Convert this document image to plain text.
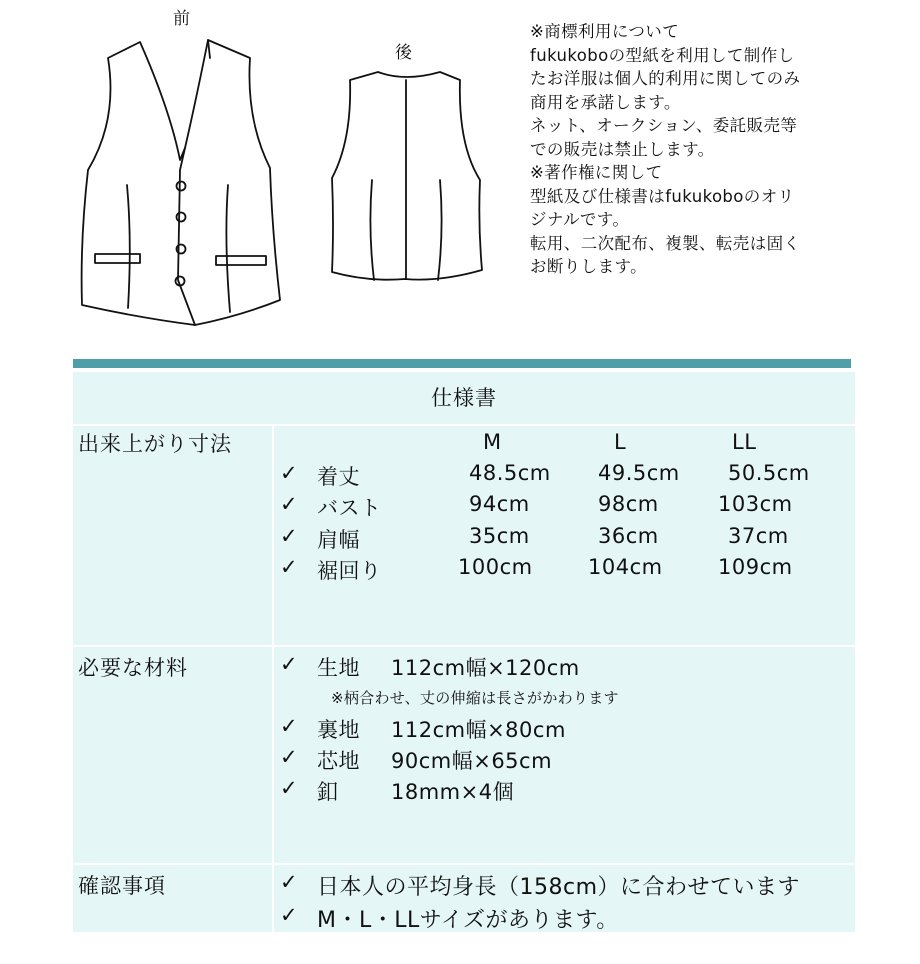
前
後
※商標利用について
fukukoboの型紙を利用して制作し
たお洋服は個人的利用に関してのみ
商用を承諾します。
ネット、オークション、委託販売等
での販売は禁止します。
※著作権に関して
型紙及び仕様書はfukukoboのオリ
ジナルです。
転用、二次配布、複製、転売は固く
お断りします。
仕様書
出来上がり寸法	M	L	LL
✓ 着丈	48.5cm 49.5cm 50.5cm
✓ バスト	94cm	98cm	103cm
✓ 肩幅	35cm	36cm	37cm
✓ 裾回り	100cm	104cm	109cm
必要な材料	✓ 生地 112cm幅×120cm
※柄合わせ、丈の伸縮は長さがかわります
✓ 裏地 112cm幅×80cm
✓ 芯地 90cm幅×65cm
✓ 釦	18mm×4個
確認事項	✓ 日本人の平均身長（158cm）に合わせています
✓ M・L・LLサイズがあります。
